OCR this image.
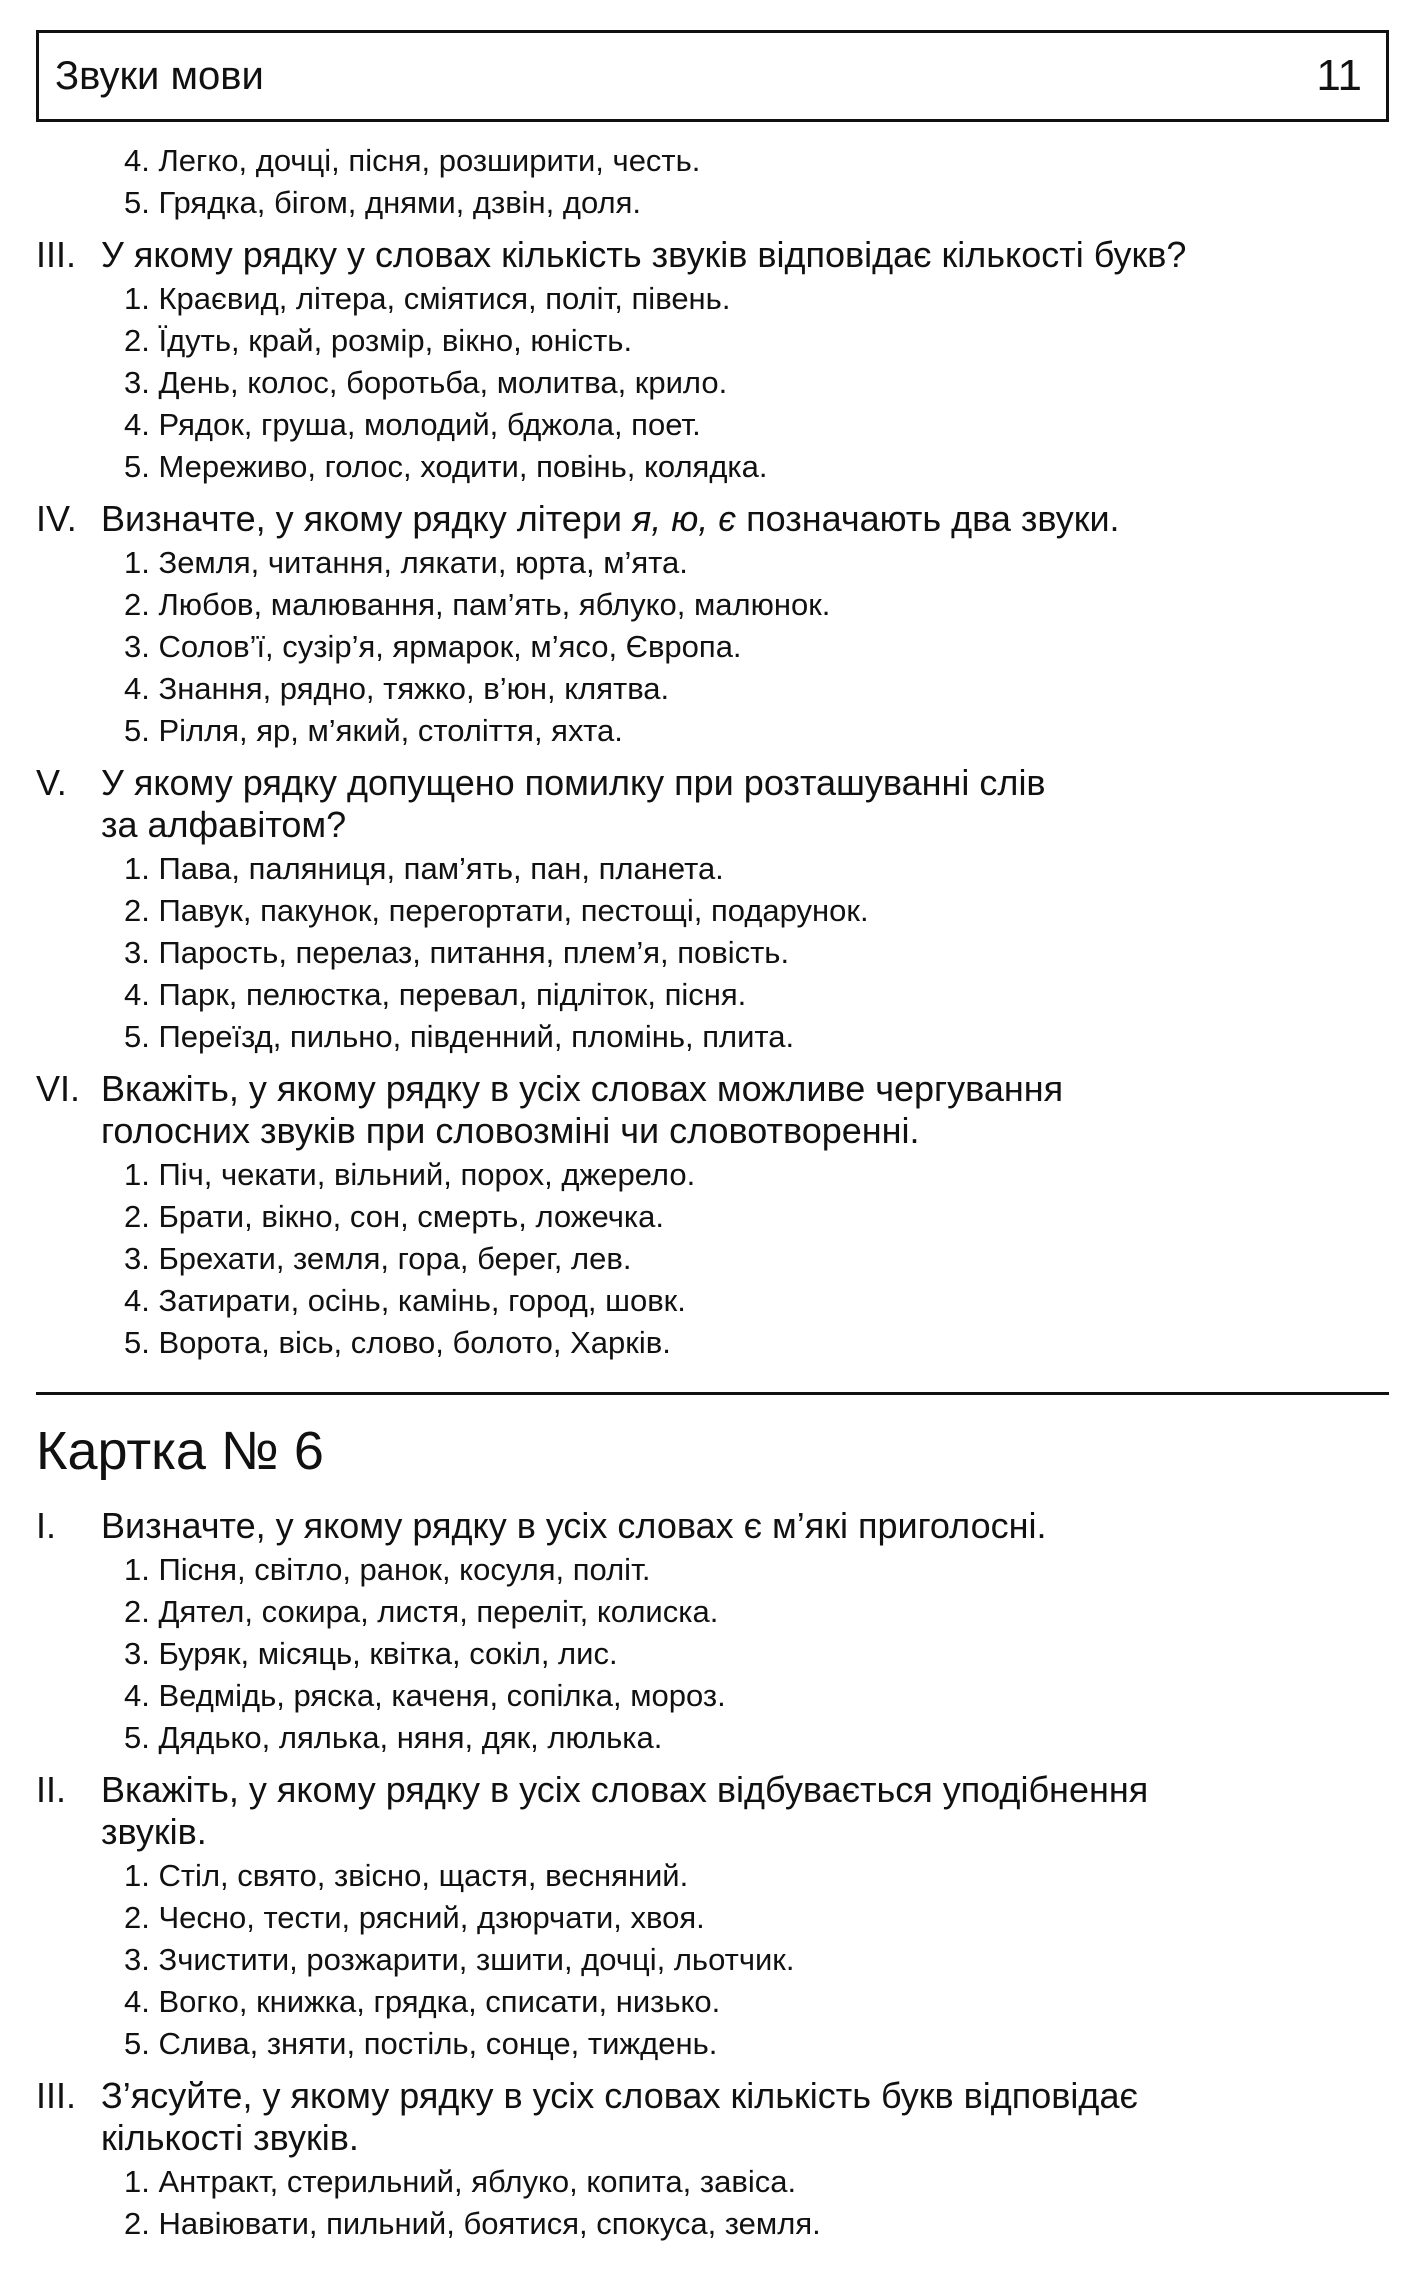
Звуки мови	11
4. Легко, дочці, пісня, розширити, честь.
5. Грядка, бігом, днями, дзвін, доля.
III. У якому рядку у словах кількість звуків відповідає кількості букв?
1. Краєвид, літера, сміятися, політ, півень.
2. Їдуть, край, розмір, вікно, юність.
3. День, колос, боротьба, молитва, крило.
4. Рядок, груша, молодий, бджола, поет.
5. Мереживо, голос, ходити, повінь, колядка.
IV. Визначте, у якому рядку літери я, ю, є позначають два звуки.
1. Земля, читання, лякати, юрта, м’ята.
2. Любов, малювання, пам’ять, яблуко, малюнок.
3. Солов’ї, сузір’я, ярмарок, м’ясо, Європа.
4. Знання, рядно, тяжко, в’юн, клятва.
5. Рілля, яр, м’який, століття, яхта.
V. У якому рядку допущено помилку при розташуванні слів
за алфавітом?
1. Пава, паляниця, пам’ять, пан, планета.
2. Павук, пакунок, перегортати, пестощі, подарунок.
3. Парость, перелаз, питання, плем’я, повість.
4. Парк, пелюстка, перевал, підліток, пісня.
5. Переїзд, пильно, південний, пломінь, плита.
VI. Вкажіть, у якому рядку в усіх словах можливе чергування
голосних звуків при словозміні чи словотворенні.
1. Піч, чекати, вільний, порох, джерело.
2. Брати, вікно, сон, смерть, ложечка.
3. Брехати, земля, гора, берег, лев.
4. Затирати, осінь, камінь, город, шовк.
5. Ворота, вісь, слово, болото, Харків.
Картка № 6
I. Визначте, у якому рядку в усіх словах є м’які приголосні.
1. Пісня, світло, ранок, косуля, політ.
2. Дятел, сокира, листя, переліт, колиска.
3. Буряк, місяць, квітка, сокіл, лис.
4. Ведмідь, ряска, каченя, сопілка, мороз.
5. Дядько, лялька, няня, дяк, люлька.
II. Вкажіть, у якому рядку в усіх словах відбувається уподібнення
звуків.
1. Стіл, свято, звісно, щастя, весняний.
2. Чесно, тести, рясний, дзюрчати, хвоя.
3. Зчистити, розжарити, зшити, дочці, льотчик.
4. Вогко, книжка, грядка, списати, низько.
5. Слива, зняти, постіль, сонце, тиждень.
III. З’ясуйте, у якому рядку в усіх словах кількість букв відповідає
кількості звуків.
1. Антракт, стерильний, яблуко, копита, завіса.
2. Навіювати, пильний, боятися, спокуса, земля.
